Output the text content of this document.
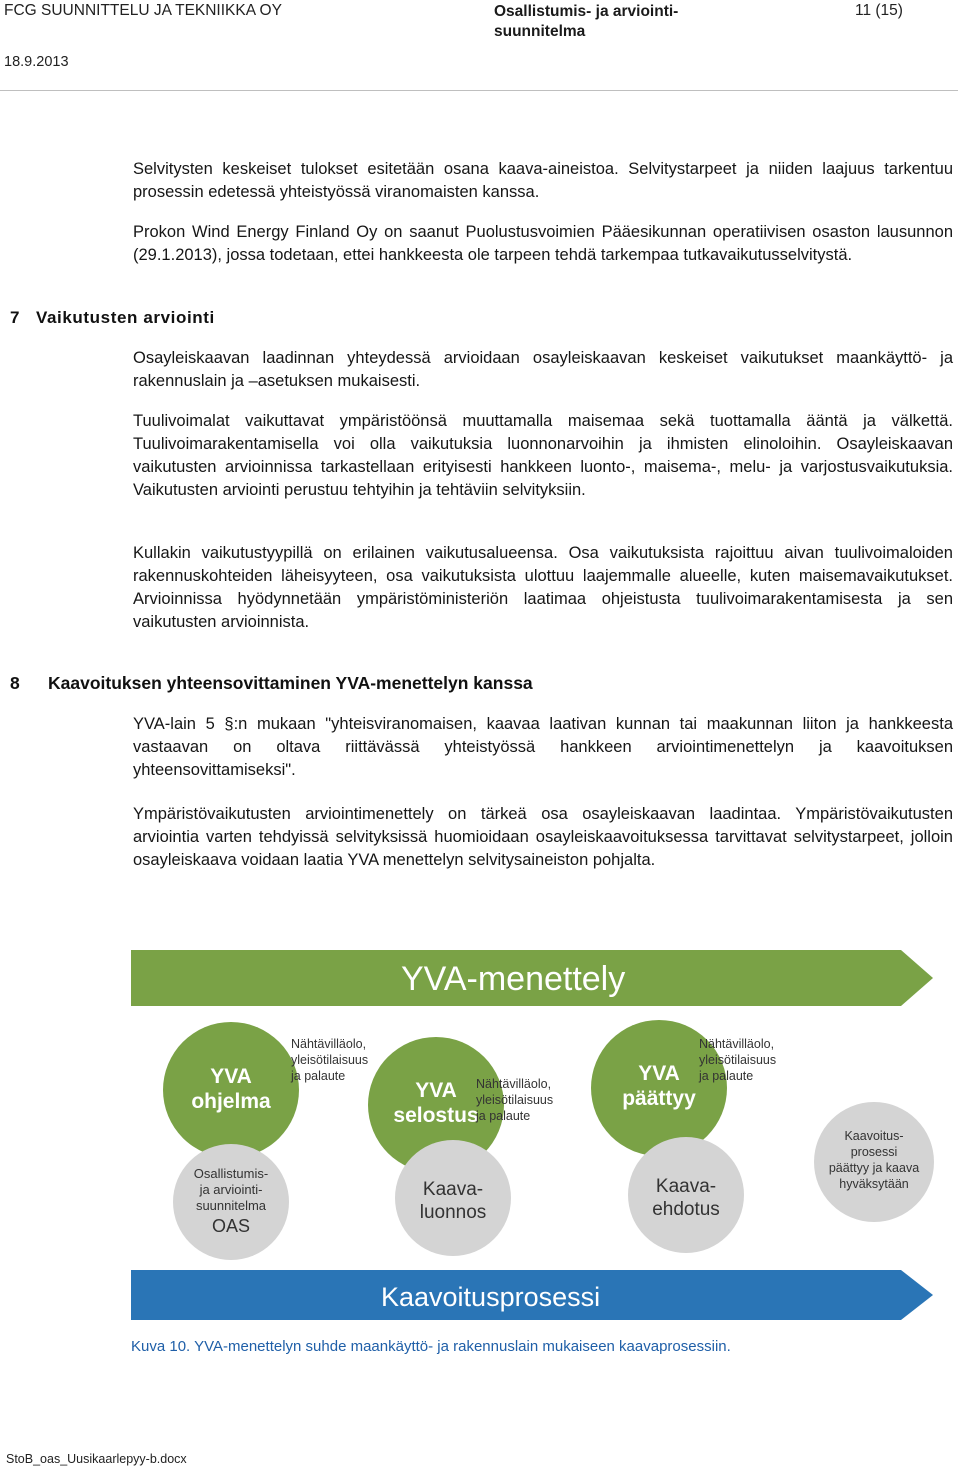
FCG SUUNNITTELU JA TEKNIIKKA OY	Osallistumis- ja arviointi-
suunnitelma
11 (15)
18.9.2013
Selvitysten keskeiset tulokset esitetään osana kaava-aineistoa. Selvitystarpeet ja niiden laajuus tarkentuu prosessin edetessä yhteistyössä viranomaisten kanssa.
Prokon Wind Energy Finland Oy on saanut Puolustusvoimien Pääesikunnan operatiivisen osaston lausunnon (29.1.2013), jossa todetaan, ettei hankkeesta ole tarpeen tehdä tarkempaa tutkavaikutusselvitystä.
7 Vaikutusten arviointi
Osayleiskaavan laadinnan yhteydessä arvioidaan osayleiskaavan keskeiset vaikutukset maankäyttö- ja rakennuslain ja –asetuksen mukaisesti.
Tuulivoimalat vaikuttavat ympäristöönsä muuttamalla maisemaa sekä tuottamalla ääntä ja välkettä. Tuulivoimarakentamisella voi olla vaikutuksia luonnonarvoihin ja ihmisten elinoloihin. Osayleiskaavan vaikutusten arvioinnissa tarkastellaan erityisesti hankkeen luonto-, maisema-, melu- ja varjostusvaikutuksia. Vaikutusten arviointi perustuu tehtyihin ja tehtäviin selvityksiin.
Kullakin vaikutustyypillä on erilainen vaikutusalueensa. Osa vaikutuksista rajoittuu aivan tuulivoimaloiden rakennuskohteiden läheisyyteen, osa vaikutuksista ulottuu laajemmalle alueelle, kuten maisemavaikutukset. Arvioinnissa hyödynnetään ympäristöministeriön laatimaa ohjeistusta tuulivoimarakentamisesta ja sen vaikutusten arvioinnista.
8 Kaavoituksen yhteensovittaminen YVA-menettelyn kanssa
YVA-lain 5 §:n mukaan "yhteisviranomaisen, kaavaa laativan kunnan tai maakunnan liiton ja hankkeesta vastaavan on oltava riittävässä yhteistyössä hankkeen arviointimenettelyn ja kaavoituksen yhteensovittamiseksi".
Ympäristövaikutusten arviointimenettely on tärkeä osa osayleiskaavan laadintaa. Ympäristövaikutusten arviointia varten tehdyissä selvityksissä huomioidaan osayleiskaavoituksessa tarvittavat selvitystarpeet, jolloin osayleiskaava voidaan laatia YVA menettelyn selvitysaineiston pohjalta.
YVA-menettely
YVA
ohjelma
Nähtävilläolo,
yleisötilaisuus
ja palaute
YVA
selostus
Nähtävilläolo,
yleisötilaisuus
ja palaute
YVA
päättyy
Nähtävilläolo,
yleisötilaisuus
ja palaute
Osallistumis-
ja arviointi-
suunnitelma
OAS
Kaava-
luonnos
Kaava-
ehdotus
Kaavoitus-
prosessi
päättyy ja kaava
hyväksytään
Kaavoitusprosessi
Kuva 10. YVA-menettelyn suhde maankäyttö- ja rakennuslain mukaiseen kaavaprosessiin.
StoB_oas_Uusikaarlepyy-b.docx
